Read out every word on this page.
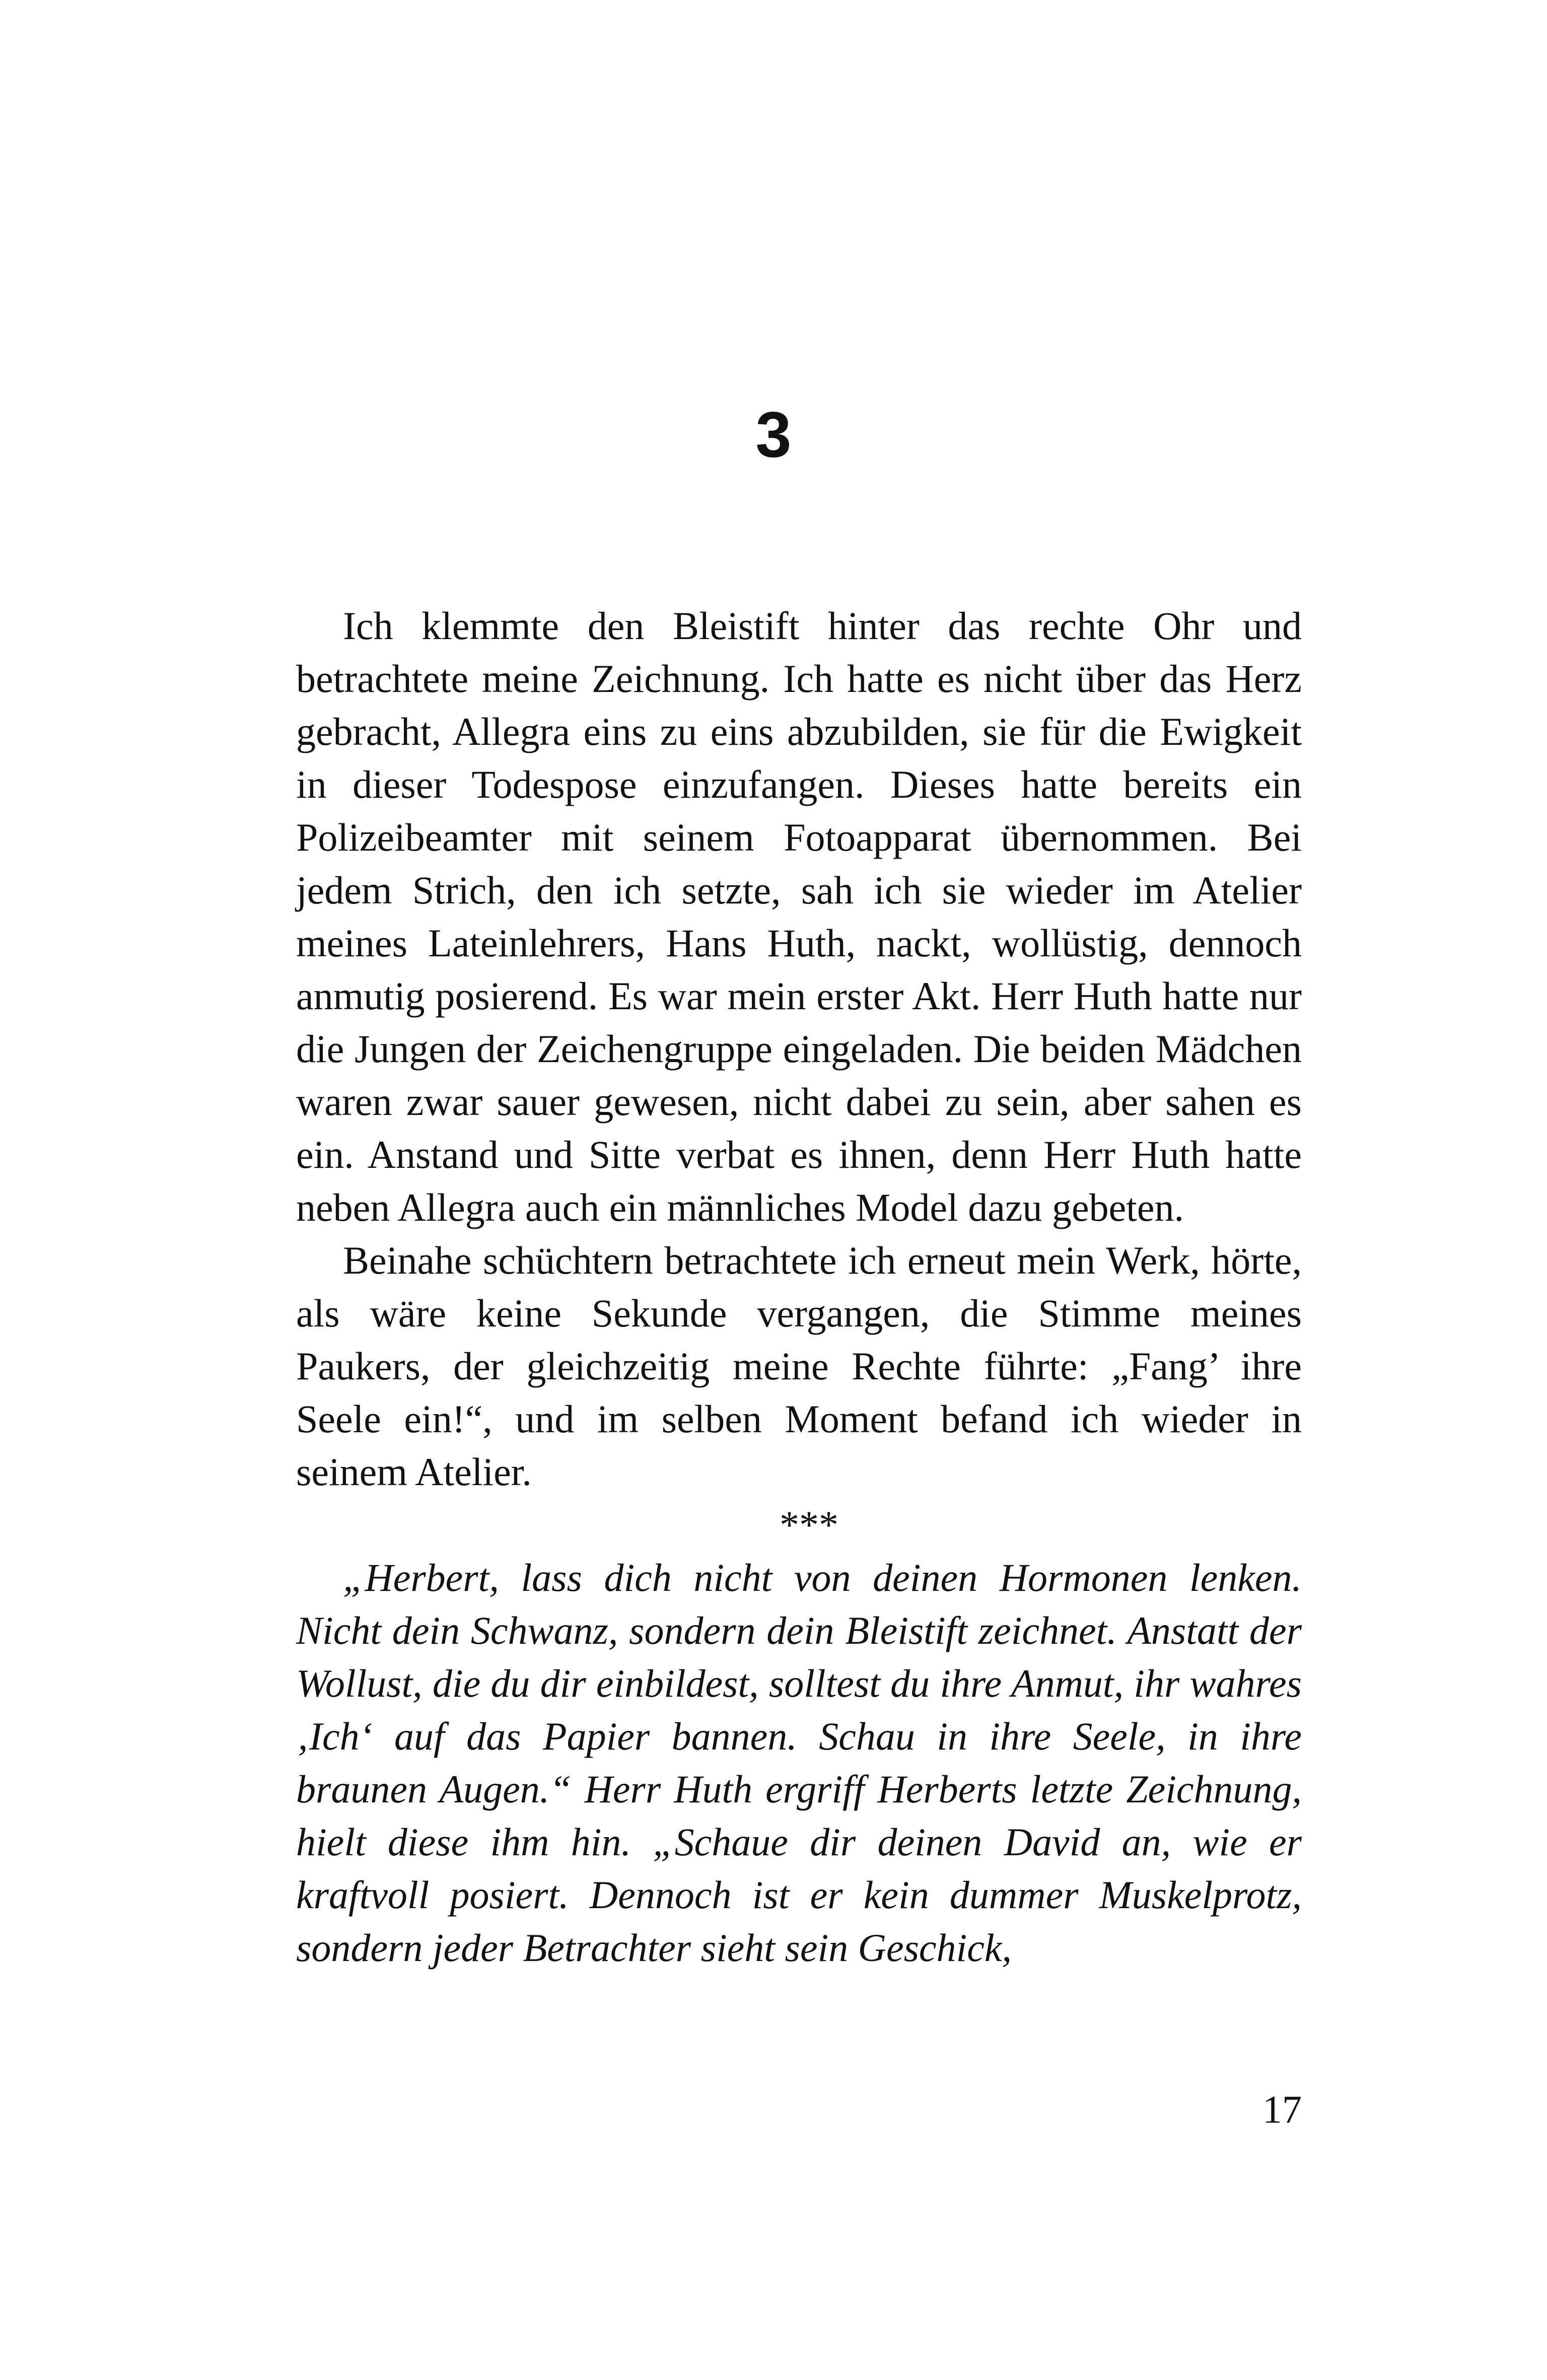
3

Ich klemmte den Bleistift hinter das rechte Ohr und betrachtete meine Zeichnung. Ich hatte es nicht über das Herz gebracht, Allegra eins zu eins abzubilden, sie für die Ewigkeit in dieser Todespose einzufangen. Dieses hatte bereits ein Polizeibeamter mit seinem Fotoapparat übernommen. Bei jedem Strich, den ich setzte, sah ich sie wieder im Atelier meines Lateinlehrers, Hans Huth, nackt, wollüstig, dennoch anmutig posierend. Es war mein erster Akt. Herr Huth hatte nur die Jungen der Zeichengruppe eingeladen. Die beiden Mädchen waren zwar sauer gewesen, nicht dabei zu sein, aber sahen es ein. Anstand und Sitte verbat es ihnen, denn Herr Huth hatte neben Allegra auch ein männliches Model dazu gebeten.

Beinahe schüchtern betrachtete ich erneut mein Werk, hörte, als wäre keine Sekunde vergangen, die Stimme meines Paukers, der gleichzeitig meine Rechte führte: „Fang’ ihre Seele ein!“, und im selben Moment befand ich wieder in seinem Atelier.

***

„Herbert, lass dich nicht von deinen Hormonen lenken. Nicht dein Schwanz, sondern dein Bleistift zeichnet. Anstatt der Wollust, die du dir einbildest, solltest du ihre Anmut, ihr wahres ‚Ich‘ auf das Papier bannen. Schau in ihre Seele, in ihre braunen Augen.“ Herr Huth ergriff Herberts letzte Zeichnung, hielt diese ihm hin. „Schaue dir deinen David an, wie er kraftvoll posiert. Dennoch ist er kein dummer Muskelprotz, sondern jeder Betrachter sieht sein Geschick,

17
